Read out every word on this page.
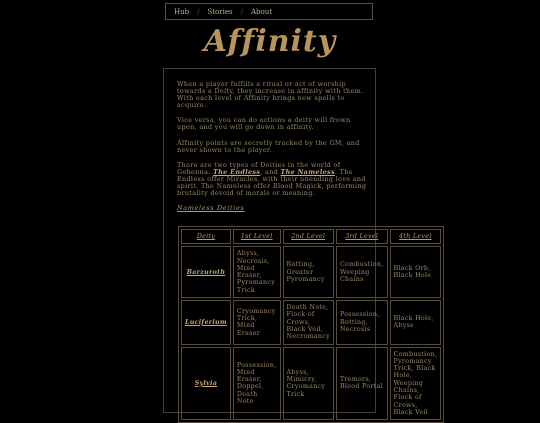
Hub / Stories / About
Affinity

When a player fulfills a ritual or act of worship towards a Deity, they increase in affinity with them. With each level of Affinity brings new spells to acquire.

Vice versa, you can do actions a deity will frown upon, and you will go down in affinity.

Affinity points are secretly tracked by the GM, and never shown to the player.

There are two types of Deities in the world of Gehenna. The Endless, and The Nameless. The Endless offer Miracles, with their unending love and spirit. The Nameless offer Blood Magick, performing brutality devoid of morals or meaning.

Nameless Deities
Deity	1st Level	2nd Level	3rd Level	4th Level
Barzuroth	Abyss, Necrosis, Mind Eraser, Pyromancy Trick	Rotting, Greater Pyromancy	Combustion, Weeping Chains	Black Orb, Black Hole
Luciferium	Cryomancy Trick, Mind Eraser	Death Note, Flock of Crows, Black Veil, Necromancy	Possession, Rotting, Necrosis	Black Hole, Abyss
Sylvia	Possession, Mind Eraser, Doppel, Death Note	Abyss, Mimicry, Cryomancy Trick	Tremors, Blood Portal	Combustion, Pyromancy Trick, Black Hole, Weeping Chains, Flock of Crows, Black Veil
